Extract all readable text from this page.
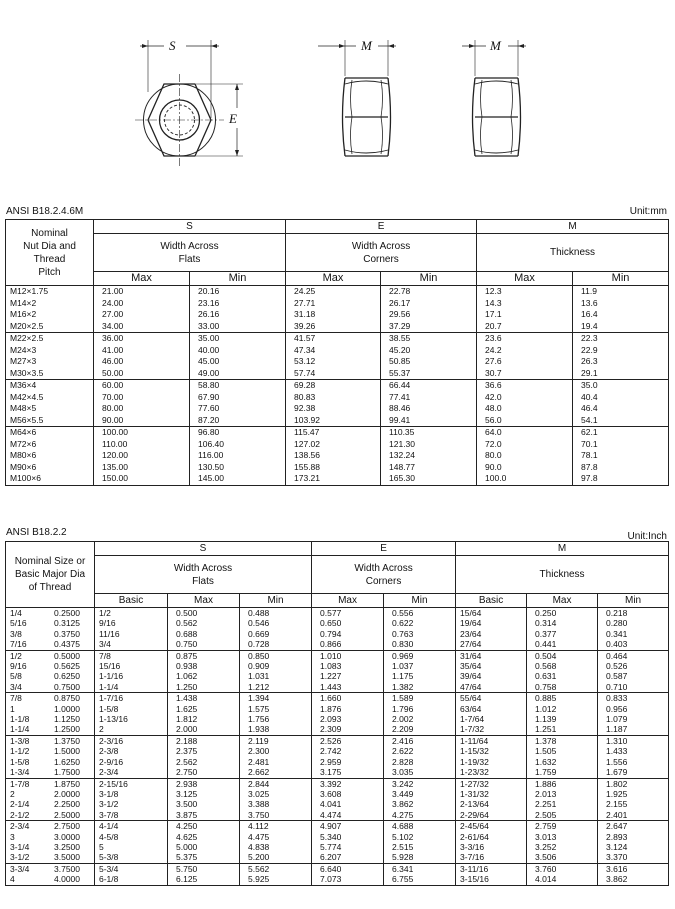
S
E
M	M
ANSI B18.2.4.6M	Unit:mm
Nominal Nut Dia and Thread Pitch	S		E		M	
	Width Across Flats		Width Across Corners		Thickness	
	Max	Min	Max	Min	Max	Min
M12×1.75	21.00	20.16	24.25	22.78	12.3	11.9
M14×2	24.00	23.16	27.71	26.17	14.3	13.6
M16×2	27.00	26.16	31.18	29.56	17.1	16.4
M20×2.5	34.00	33.00	39.26	37.29	20.7	19.4
M22×2.5	36.00	35.00	41.57	38.55	23.6	22.3
M24×3	41.00	40.00	47.34	45.20	24.2	22.9
M27×3	46.00	45.00	53.12	50.85	27.6	26.3
M30×3.5	50.00	49.00	57.74	55.37	30.7	29.1
M36×4	60.00	58.80	69.28	66.44	36.6	35.0
M42×4.5	70.00	67.90	80.83	77.41	42.0	40.4
M48×5	80.00	77.60	92.38	88.46	48.0	46.4
M56×5.5	90.00	87.20	103.92	99.41	56.0	54.1
M64×6	100.00	96.80	115.47	110.35	64.0	62.1
M72×6	110.00	106.40	127.02	121.30	72.0	70.1
M80×6	120.00	116.00	138.56	132.24	80.0	78.1
M90×6	135.00	130.50	155.88	148.77	90.0	87.8
M100×6	150.00	145.00	173.21	165.30	100.0	97.8
ANSI B18.2.2	Unit:Inch
Nominal Size or Basic Major Dia of Thread	S			E		M		
	Width Across Flats			Width Across Corners		Thickness		
	Basic	Max	Min	Max	Min	Basic	Max	Min
1/4 0.2500	1/2	0.500	0.488	0.577	0.556	15/64	0.250	0.218
5/16 0.3125	9/16	0.562	0.546	0.650	0.622	19/64	0.314	0.280
3/8 0.3750	11/16	0.688	0.669	0.794	0.763	23/64	0.377	0.341
7/16 0.4375	3/4	0.750	0.728	0.866	0.830	27/64	0.441	0.403
1/2 0.5000	7/8	0.875	0.850	1.010	0.969	31/64	0.504	0.464
9/16 0.5625	15/16	0.938	0.909	1.083	1.037	35/64	0.568	0.526
5/8 0.6250	1-1/16	1.062	1.031	1.227	1.175	39/64	0.631	0.587
3/4 0.7500	1-1/4	1.250	1.212	1.443	1.382	47/64	0.758	0.710
7/8 0.8750	1-7/16	1.438	1.394	1.660	1.589	55/64	0.885	0.833
1 1.0000	1-5/8	1.625	1.575	1.876	1.796	63/64	1.012	0.956
1-1/8 1.1250	1-13/16	1.812	1.756	2.093	2.002	1-7/64	1.139	1.079
1-1/4 1.2500	2	2.000	1.938	2.309	2.209	1-7/32	1.251	1.187
1-3/8 1.3750	2-3/16	2.188	2.119	2.526	2.416	1-11/64	1.378	1.310
1-1/2 1.5000	2-3/8	2.375	2.300	2.742	2.622	1-15/32	1.505	1.433
1-5/8 1.6250	2-9/16	2.562	2.481	2.959	2.828	1-19/32	1.632	1.556
1-3/4 1.7500	2-3/4	2.750	2.662	3.175	3.035	1-23/32	1.759	1.679
1-7/8 1.8750	2-15/16	2.938	2.844	3.392	3.242	1-27/32	1.886	1.802
2 2.0000	3-1/8	3.125	3.025	3.608	3.449	1-31/32	2.013	1.925
2-1/4 2.2500	3-1/2	3.500	3.388	4.041	3.862	2-13/64	2.251	2.155
2-1/2 2.5000	3-7/8	3.875	3.750	4.474	4.275	2-29/64	2.505	2.401
2-3/4 2.7500	4-1/4	4.250	4.112	4.907	4.688	2-45/64	2.759	2.647
3 3.0000	4-5/8	4.625	4.475	5.340	5.102	2-61/64	3.013	2.893
3-1/4 3.2500	5	5.000	4.838	5.774	2.515	3-3/16	3.252	3.124
3-1/2 3.5000	5-3/8	5.375	5.200	6.207	5.928	3-7/16	3.506	3.370
3-3/4 3.7500	5-3/4	5.750	5.562	6.640	6.341	3-11/16	3.760	3.616
4 4.0000	6-1/8	6.125	5.925	7.073	6.755	3-15/16	4.014	3.862
